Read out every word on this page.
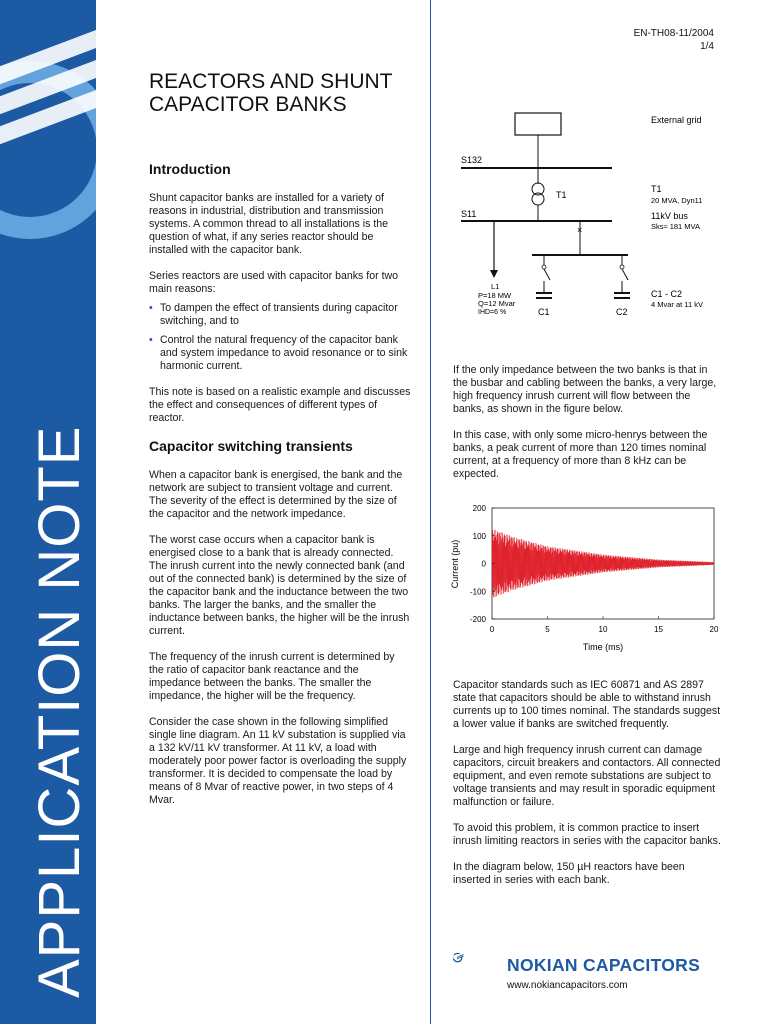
APPLICATION NOTE
EN-TH08-11/2004
1/4
REACTORS AND SHUNT
CAPACITOR BANKS
Introduction

Shunt capacitor banks are installed for a variety of reasons in industrial, distribution and transmission systems. A common thread to all installations is the question of what, if any series reactor should be installed with the capacitor bank.

Series reactors are used with capacitor banks for two main reasons:

• To dampen the effect of transients during capacitor switching, and to
• Control the natural frequency of the capacitor bank and system impedance to avoid resonance or to sink harmonic current.

This note is based on a realistic example and discusses the effect and consequences of different types of reactor.

Capacitor switching transients

When a capacitor bank is energised, the bank and the network are subject to transient voltage and current. The severity of the effect is determined by the size of the capacitor and the network impedance.

The worst case occurs when a capacitor bank is energised close to a bank that is already connected. The inrush current into the newly connected bank (and out of the connected bank) is determined by the size of the capacitor bank and the inductance between the two banks. The larger the banks, and the smaller the inductance between banks, the higher will be the inrush current.

The frequency of the inrush current is determined by the ratio of capacitor bank reactance and the impedance between the banks. The smaller the impedance, the higher will be the frequency.

Consider the case shown in the following simplified single line diagram. An 11 kV substation is supplied via a 132 kV/11 kV transformer. At 11 kV, a load with moderately poor power factor is overloading the supply transformer. It is decided to compensate the load by means of 8 Mvar of reactive power, in two steps of 4 Mvar.

External grid
S132
T1
T1
20 MVA, Dyn11
S11	11kV bus
Sks≈ 181 MVA
L1
P=18 MW
Q=12 Mvar
IHD=6 %
×
C1	C2
C1 - C2
4 Mvar at 11 kV

If the only impedance between the two banks is that in the busbar and cabling between the banks, a very large, high frequency inrush current will flow between the banks, as shown in the figure below.

In this case, with only some micro-henrys between the banks, a peak current of more than 120 times nominal current, at a frequency of more than 8 kHz can be expected.

200
100
0
-100
-200
0	5	10	15	20
Time (ms)
Current (pu)

Capacitor standards such as IEC 60871 and AS 2897 state that capacitors should be able to withstand inrush currents up to 100 times nominal. The standards suggest a lower value if banks are switched frequently.

Large and high frequency inrush current can damage capacitors, circuit breakers and contactors. All connected equipment, and even remote substations are subject to voltage transients and may result in sporadic equipment malfunction or failure.

To avoid this problem, it is common practice to insert inrush limiting reactors in series with the capacitor banks.

In the diagram below, 150 µH reactors have been inserted in series with each bank.

NOKIAN CAPACITORS
www.nokiancapacitors.com
